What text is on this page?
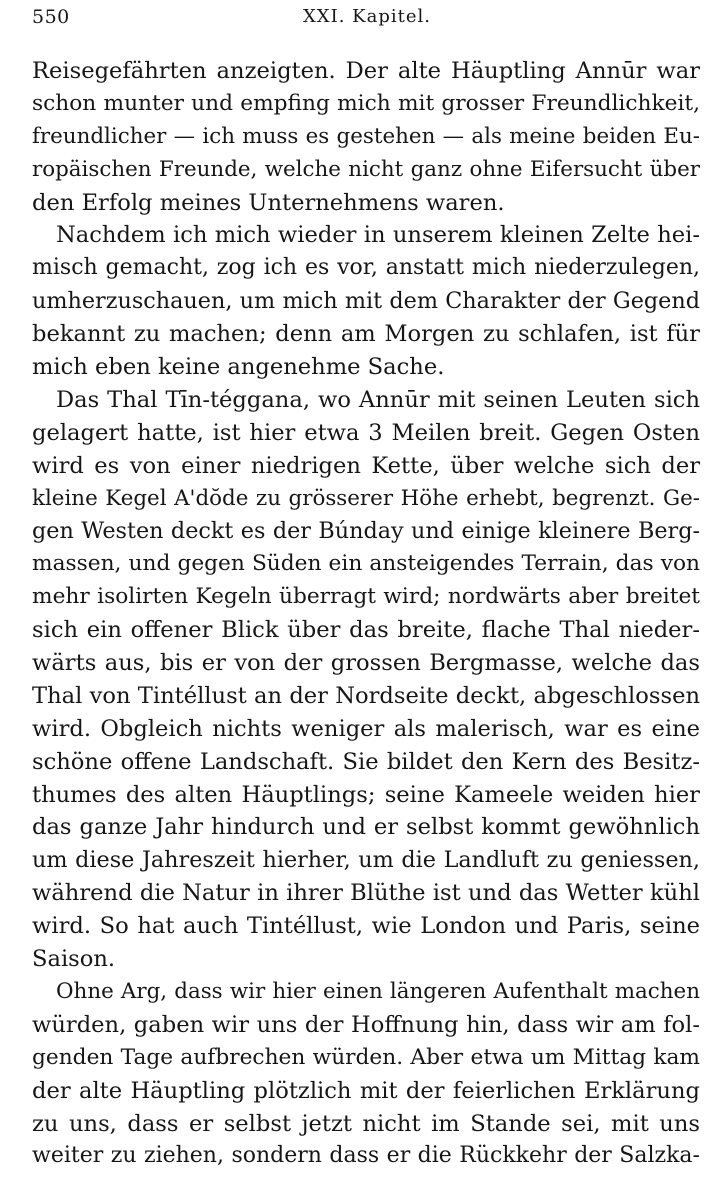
550	XXI. Kapitel.
Reisegefährten anzeigten. Der alte Häuptling Annūr war
schon munter und empfing mich mit grosser Freundlichkeit,
freundlicher — ich muss es gestehen — als meine beiden Eu-
ropäischen Freunde, welche nicht ganz ohne Eifersucht über
den Erfolg meines Unternehmens waren.
Nachdem ich mich wieder in unserem kleinen Zelte hei-
misch gemacht, zog ich es vor, anstatt mich niederzulegen,
umherzuschauen, um mich mit dem Charakter der Gegend
bekannt zu machen; denn am Morgen zu schlafen, ist für
mich eben keine angenehme Sache.
Das Thal Tīn-téggana, wo Annūr mit seinen Leuten sich
gelagert hatte, ist hier etwa 3 Meilen breit. Gegen Osten
wird es von einer niedrigen Kette, über welche sich der
kleine Kegel A'dŏde zu grösserer Höhe erhebt, begrenzt. Ge-
gen Westen deckt es der Búnday und einige kleinere Berg-
massen, und gegen Süden ein ansteigendes Terrain, das von
mehr isolirten Kegeln überragt wird; nordwärts aber breitet
sich ein offener Blick über das breite, flache Thal nieder-
wärts aus, bis er von der grossen Bergmasse, welche das
Thal von Tintéllust an der Nordseite deckt, abgeschlossen
wird. Obgleich nichts weniger als malerisch, war es eine
schöne offene Landschaft. Sie bildet den Kern des Besitz-
thumes des alten Häuptlings; seine Kameele weiden hier
das ganze Jahr hindurch und er selbst kommt gewöhnlich
um diese Jahreszeit hierher, um die Landluft zu geniessen,
während die Natur in ihrer Blüthe ist und das Wetter kühl
wird. So hat auch Tintéllust, wie London und Paris, seine
Saison.
Ohne Arg, dass wir hier einen längeren Aufenthalt machen
würden, gaben wir uns der Hoffnung hin, dass wir am fol-
genden Tage aufbrechen würden. Aber etwa um Mittag kam
der alte Häuptling plötzlich mit der feierlichen Erklärung
zu uns, dass er selbst jetzt nicht im Stande sei, mit uns
weiter zu ziehen, sondern dass er die Rückkehr der Salzka-
